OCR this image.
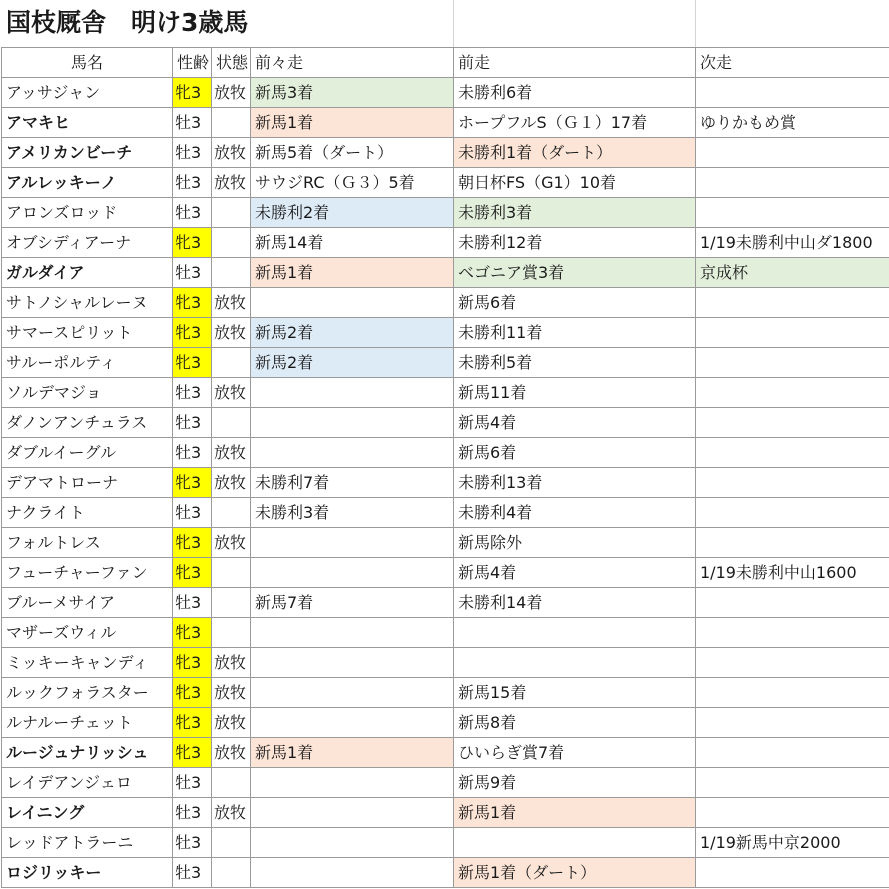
国枝厩舎　明け3歳馬
馬名	性齢	状態	前々走	前走	次走
アッサジャン	牝3	放牧	新馬3着	未勝利6着	
アマキヒ	牡3		新馬1着	ホープフルS（Ｇ１）17着	ゆりかもめ賞
アメリカンビーチ	牡3	放牧	新馬5着（ダート）	未勝利1着（ダート）	
アルレッキーノ	牡3	放牧	サウジRC（Ｇ３）5着	朝日杯FS（G1）10着	
アロンズロッド	牡3		未勝利2着	未勝利3着	
オブシディアーナ	牝3		新馬14着	未勝利12着	1/19未勝利中山ダ1800
ガルダイア	牡3		新馬1着	ベゴニア賞3着	京成杯
サトノシャルレーヌ	牝3	放牧		新馬6着	
サマースピリット	牝3	放牧	新馬2着	未勝利11着	
サルーポルティ	牝3		新馬2着	未勝利5着	
ソルデマジョ	牡3	放牧		新馬11着	
ダノンアンチュラス	牡3			新馬4着	
ダブルイーグル	牡3	放牧		新馬6着	
デアマトローナ	牝3	放牧	未勝利7着	未勝利13着	
ナクライト	牡3		未勝利3着	未勝利4着	
フォルトレス	牝3	放牧		新馬除外	
フューチャーファン	牝3			新馬4着	1/19未勝利中山1600
ブルーメサイア	牡3		新馬7着	未勝利14着	
マザーズウィル	牝3				
ミッキーキャンディ	牝3	放牧			
ルックフォラスター	牝3	放牧		新馬15着	
ルナルーチェット	牝3	放牧		新馬8着	
ルージュナリッシュ	牝3	放牧	新馬1着	ひいらぎ賞7着	
レイデアンジェロ	牡3			新馬9着	
レイニング	牡3	放牧		新馬1着	
レッドアトラーニ	牡3				1/19新馬中京2000
ロジリッキー	牡3			新馬1着（ダート）	
